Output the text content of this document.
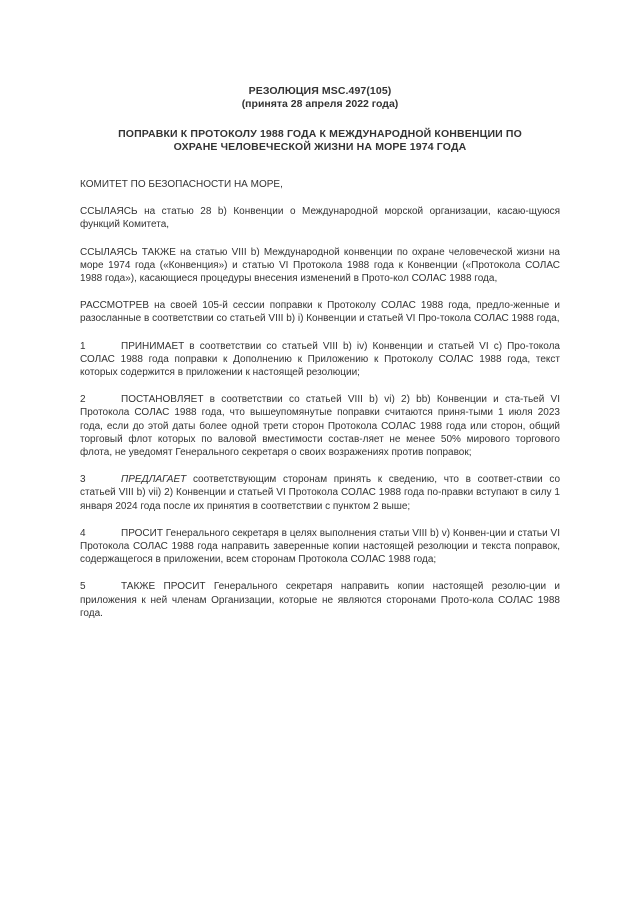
РЕЗОЛЮЦИЯ MSC.497(105)
(принята 28 апреля 2022 года)
ПОПРАВКИ К ПРОТОКОЛУ 1988 ГОДА К МЕЖДУНАРОДНОЙ КОНВЕНЦИИ ПО
ОХРАНЕ ЧЕЛОВЕЧЕСКОЙ ЖИЗНИ НА МОРЕ 1974 ГОДА

КОМИТЕТ ПО БЕЗОПАСНОСТИ НА МОРЕ,

ССЫЛАЯСЬ на статью 28 b) Конвенции о Международной морской организации, касаю-щуюся функций Комитета,

ССЫЛАЯСЬ ТАКЖЕ на статью VIII b) Международной конвенции по охране человеческой жизни на море 1974 года («Конвенция») и статью VI Протокола 1988 года к Конвенции («Протокола СОЛАС 1988 года»), касающиеся процедуры внесения изменений в Прото-кол СОЛАС 1988 года,

РАССМОТРЕВ на своей 105-й сессии поправки к Протоколу СОЛАС 1988 года, предло-женные и разосланные в соответствии со статьей VIII b) i) Конвенции и статьей VI Про-токола СОЛАС 1988 года,

1	ПРИНИМАЕТ в соответствии со статьей VIII b) iv) Конвенции и статьей VI c) Про-токола СОЛАС 1988 года поправки к Дополнению к Приложению к Протоколу СОЛАС 1988 года, текст которых содержится в приложении к настоящей резолюции;

2	ПОСТАНОВЛЯЕТ в соответствии со статьей VIII b) vi) 2) bb) Конвенции и ста-тьей VI Протокола СОЛАС 1988 года, что вышеупомянутые поправки считаются приня-тыми 1 июля 2023 года, если до этой даты более одной трети сторон Протокола СОЛАС 1988 года или сторон, общий торговый флот которых по валовой вместимости состав-ляет не менее 50% мирового торгового флота, не уведомят Генерального секретаря о своих возражениях против поправок;

3	ПРЕДЛАГАЕТ соответствующим сторонам принять к сведению, что в соответ-ствии со статьей VIII b) vii) 2) Конвенции и статьей VI Протокола СОЛАС 1988 года по-правки вступают в силу 1 января 2024 года после их принятия в соответствии с пунктом 2 выше;

4	ПРОСИТ Генерального секретаря в целях выполнения статьи VIII b) v) Конвен-ции и статьи VI Протокола СОЛАС 1988 года направить заверенные копии настоящей резолюции и текста поправок, содержащегося в приложении, всем сторонам Протокола СОЛАС 1988 года;

5	ТАКЖЕ ПРОСИТ Генерального секретаря направить копии настоящей резолю-ции и приложения к ней членам Организации, которые не являются сторонами Прото-кола СОЛАС 1988 года.
